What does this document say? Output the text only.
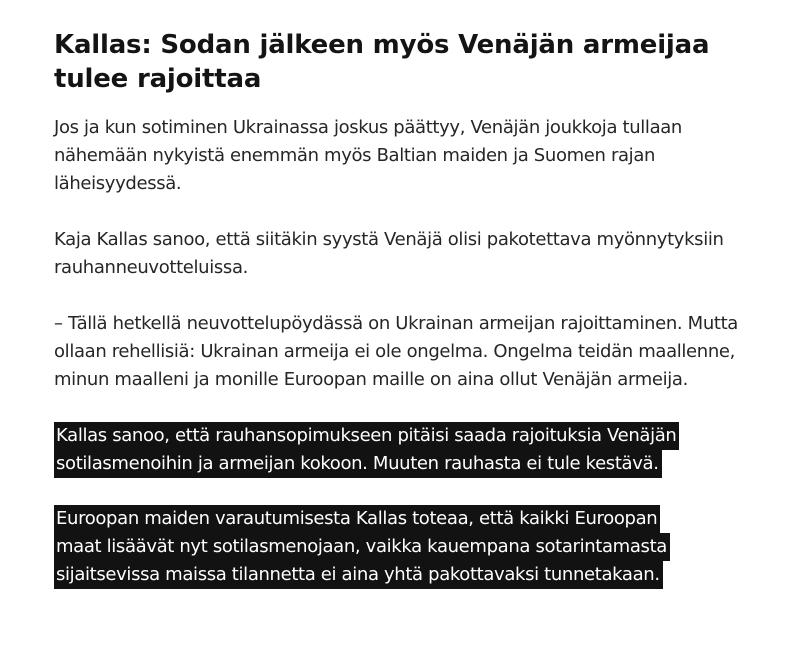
Kallas: Sodan jälkeen myös Venäjän armeijaa tulee rajoittaa

Jos ja kun sotiminen Ukrainassa joskus päättyy, Venäjän joukkoja tullaan nähemään nykyistä enemmän myös Baltian maiden ja Suomen rajan läheisyydessä.

Kaja Kallas sanoo, että siitäkin syystä Venäjä olisi pakotettava myönnytyksiin rauhanneuvotteluissa.

– Tällä hetkellä neuvottelupöydässä on Ukrainan armeijan rajoittaminen. Mutta ollaan rehellisiä: Ukrainan armeija ei ole ongelma. Ongelma teidän maallenne, minun maalleni ja monille Euroopan maille on aina ollut Venäjän armeija.

Kallas sanoo, että rauhansopimukseen pitäisi saada rajoituksia Venäjän
sotilasmenoihin ja armeijan kokoon. Muuten rauhasta ei tule kestävä.
Euroopan maiden varautumisesta Kallas toteaa, että kaikki Euroopan
maat lisäävät nyt sotilasmenojaan, vaikka kauempana sotarintamasta
sijaitsevissa maissa tilannetta ei aina yhtä pakottavaksi tunnetakaan.
